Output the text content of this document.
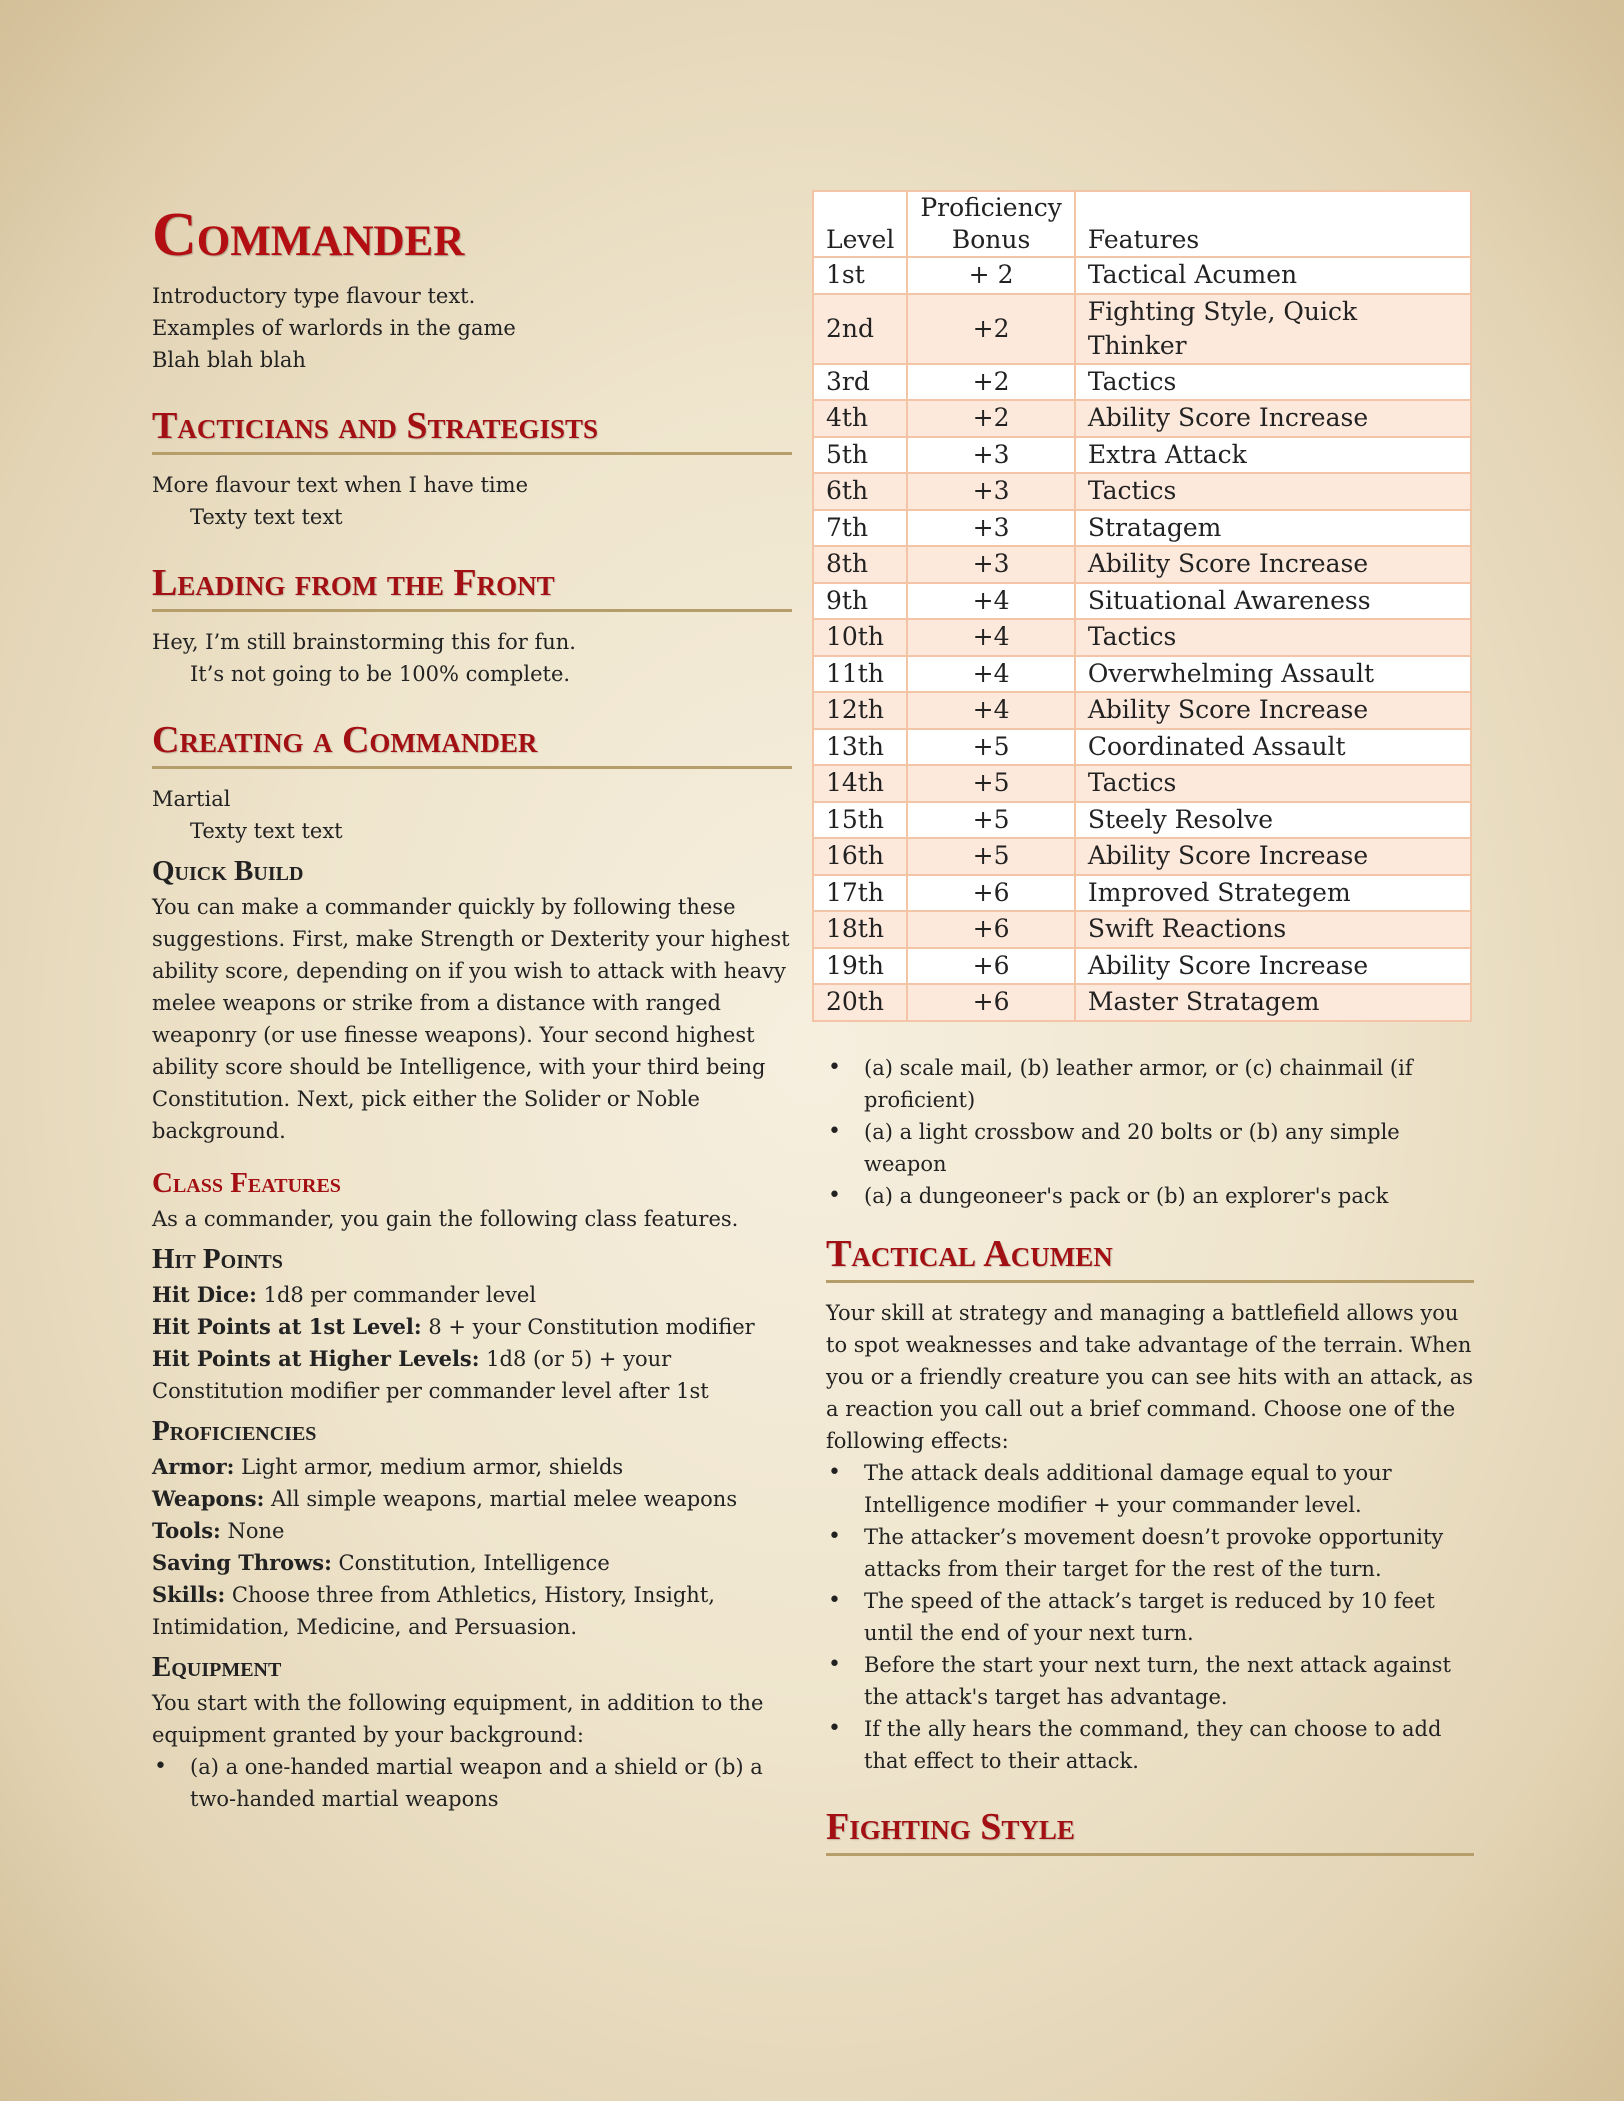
Commander

Introductory type flavour text.

Examples of warlords in the game

Blah blah blah

Tacticians and Strategists

More flavour text when I have time

Texty text text

Leading from the Front

Hey, I’m still brainstorming this for fun.

It’s not going to be 100% complete.

Creating a Commander

Martial

Texty text text

Quick Build

You can make a commander quickly by following these suggestions. First, make Strength or Dexterity your highest ability score, depending on if you wish to attack with heavy melee weapons or strike from a distance with ranged weaponry (or use finesse weapons). Your second highest ability score should be Intelligence, with your third being Constitution. Next, pick either the Solider or Noble background.

Class Features

As a commander, you gain the following class features.

Hit Points

Hit Dice: 1d8 per commander level

Hit Points at 1st Level: 8 + your Constitution modifier

Hit Points at Higher Levels: 1d8 (or 5) + your Constitution modifier per commander level after 1st

Proficiencies

Armor: Light armor, medium armor, shields

Weapons: All simple weapons, martial melee weapons

Tools: None

Saving Throws: Constitution, Intelligence

Skills: Choose three from Athletics, History, Insight, Intimidation, Medicine, and Persuasion.

Equipment

You start with the following equipment, in addition to the equipment granted by your background:

• (a) a one-handed martial weapon and a shield or (b) a two-handed martial weapons
	Proficiency	
Level	Bonus	Features
1st	+ 2	Tactical Acumen
2nd	+2	Fighting Style, Quick Thinker
3rd	+2	Tactics
4th	+2	Ability Score Increase
5th	+3	Extra Attack
6th	+3	Tactics
7th	+3	Stratagem
8th	+3	Ability Score Increase
9th	+4	Situational Awareness
10th	+4	Tactics
11th	+4	Overwhelming Assault
12th	+4	Ability Score Increase
13th	+5	Coordinated Assault
14th	+5	Tactics
15th	+5	Steely Resolve
16th	+5	Ability Score Increase
17th	+6	Improved Strategem
18th	+6	Swift Reactions
19th	+6	Ability Score Increase
20th	+6	Master Stratagem
• (a) scale mail, (b) leather armor, or (c) chainmail (if proficient)
• (a) a light crossbow and 20 bolts or (b) any simple weapon
• (a) a dungeoneer's pack or (b) an explorer's pack
Tactical Acumen

Your skill at strategy and managing a battlefield allows you to spot weaknesses and take advantage of the terrain. When you or a friendly creature you can see hits with an attack, as a reaction you call out a brief command. Choose one of the following effects:

• The attack deals additional damage equal to your Intelligence modifier + your commander level.
• The attacker’s movement doesn’t provoke opportunity attacks from their target for the rest of the turn.
• The speed of the attack’s target is reduced by 10 feet until the end of your next turn.
• Before the start your next turn, the next attack against the attack's target has advantage.
• If the ally hears the command, they can choose to add that effect to their attack.
Fighting Style
